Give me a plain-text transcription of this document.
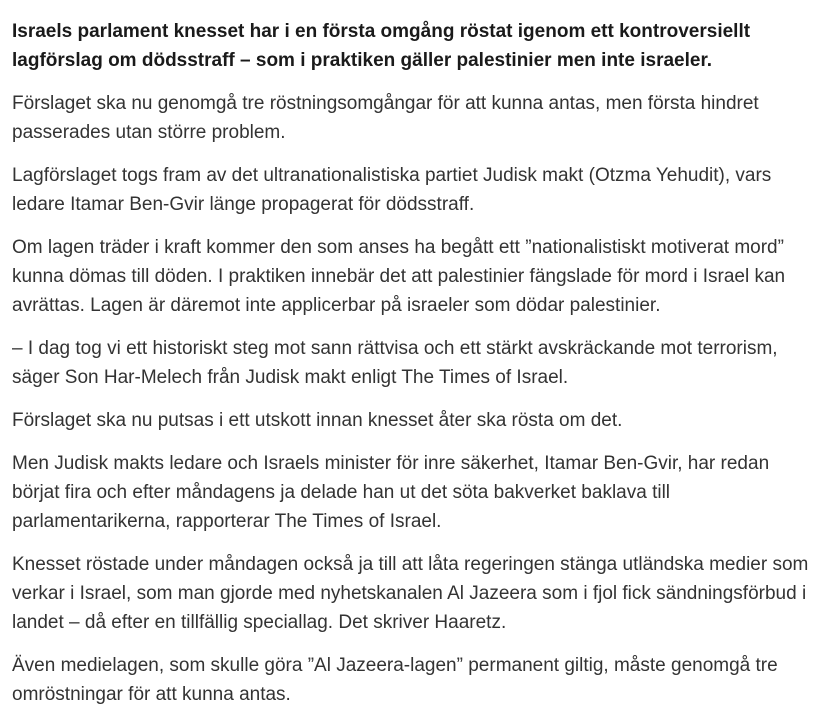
Israels parlament knesset har i en första omgång röstat igenom ett kontroversiellt lagförslag om dödsstraff – som i praktiken gäller palestinier men inte israeler.

Förslaget ska nu genomgå tre röstningsomgångar för att kunna antas, men första hindret passerades utan större problem.

Lagförslaget togs fram av det ultranationalistiska partiet Judisk makt (Otzma Yehudit), vars ledare Itamar Ben-Gvir länge propagerat för dödsstraff.

Om lagen träder i kraft kommer den som anses ha begått ett ”nationalistiskt motiverat mord” kunna dömas till döden. I praktiken innebär det att palestinier fängslade för mord i Israel kan avrättas. Lagen är däremot inte applicerbar på israeler som dödar palestinier.

– I dag tog vi ett historiskt steg mot sann rättvisa och ett stärkt avskräckande mot terrorism, säger Son Har-Melech från Judisk makt enligt The Times of Israel.

Förslaget ska nu putsas i ett utskott innan knesset åter ska rösta om det.

Men Judisk makts ledare och Israels minister för inre säkerhet, Itamar Ben-Gvir, har redan börjat fira och efter måndagens ja delade han ut det söta bakverket baklava till parlamentarikerna, rapporterar The Times of Israel.

Knesset röstade under måndagen också ja till att låta regeringen stänga utländska medier som verkar i Israel, som man gjorde med nyhetskanalen Al Jazeera som i fjol fick sändningsförbud i landet – då efter en tillfällig speciallag. Det skriver Haaretz.

Även medielagen, som skulle göra ”Al Jazeera-lagen” permanent giltig, måste genomgå tre omröstningar för att kunna antas.
